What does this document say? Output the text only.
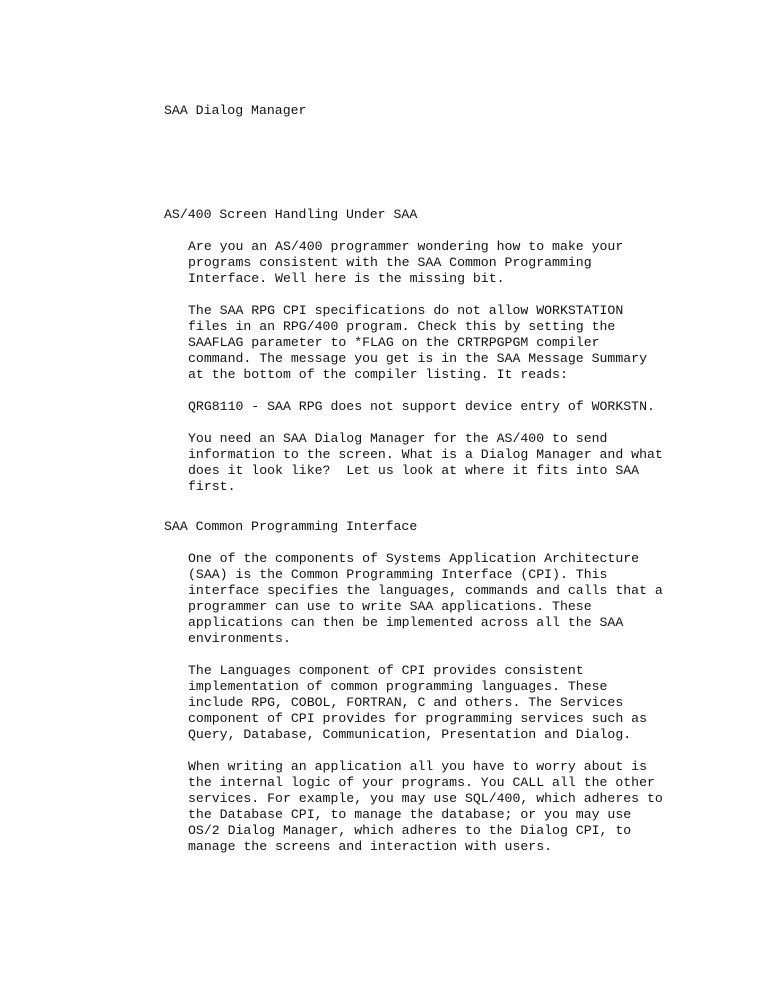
SAA Dialog Manager
AS/400 Screen Handling Under SAA

Are you an AS/400 programmer wondering how to make your
programs consistent with the SAA Common Programming
Interface. Well here is the missing bit.

The SAA RPG CPI specifications do not allow WORKSTATION
files in an RPG/400 program. Check this by setting the
SAAFLAG parameter to *FLAG on the CRTRPGPGM compiler
command. The message you get is in the SAA Message Summary
at the bottom of the compiler listing. It reads:

QRG8110 - SAA RPG does not support device entry of WORKSTN.

You need an SAA Dialog Manager for the AS/400 to send
information to the screen. What is a Dialog Manager and what
does it look like?  Let us look at where it fits into SAA
first.

SAA Common Programming Interface

One of the components of Systems Application Architecture
(SAA) is the Common Programming Interface (CPI). This
interface specifies the languages, commands and calls that a
programmer can use to write SAA applications. These
applications can then be implemented across all the SAA
environments.

The Languages component of CPI provides consistent
implementation of common programming languages. These
include RPG, COBOL, FORTRAN, C and others. The Services
component of CPI provides for programming services such as
Query, Database, Communication, Presentation and Dialog.

When writing an application all you have to worry about is
the internal logic of your programs. You CALL all the other
services. For example, you may use SQL/400, which adheres to
the Database CPI, to manage the database; or you may use
OS/2 Dialog Manager, which adheres to the Dialog CPI, to
manage the screens and interaction with users.
